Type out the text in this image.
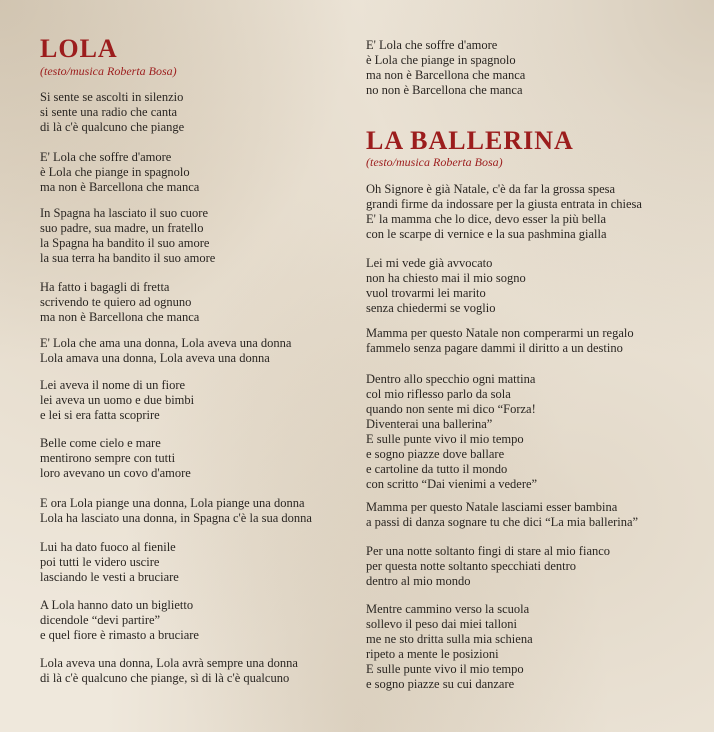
LOLA
(testo/musica Roberta Bosa)
Si sente se ascolti in silenzio
si sente una radio che canta
di là c'è qualcuno che piange
E' Lola che soffre d'amore
è Lola che piange in spagnolo
ma non è Barcellona che manca
In Spagna ha lasciato il suo cuore
suo padre, sua madre, un fratello
la Spagna ha bandito il suo amore
la sua terra ha bandito il suo amore
Ha fatto i bagagli di fretta
scrivendo te quiero ad ognuno
ma non è Barcellona che manca
E' Lola che ama una donna, Lola aveva una donna
Lola amava una donna, Lola aveva una donna
Lei aveva il nome di un fiore
lei aveva un uomo e due bimbi
e lei si era fatta scoprire
Belle come cielo e mare
mentirono sempre con tutti
loro avevano un covo d'amore
E ora Lola piange una donna, Lola piange una donna
Lola ha lasciato una donna, in Spagna c'è la sua donna
Lui ha dato fuoco al fienile
poi tutti le videro uscire
lasciando le vesti a bruciare
A Lola hanno dato un biglietto
dicendole “devi partire”
e quel fiore è rimasto a bruciare
Lola aveva una donna, Lola avrà sempre una donna
di là c'è qualcuno che piange, sì di là c'è qualcuno
E' Lola che soffre d'amore
è Lola che piange in spagnolo
ma non è Barcellona che manca
no non è Barcellona che manca
LA BALLERINA
(testo/musica Roberta Bosa)
Oh Signore è già Natale, c'è da far la grossa spesa
grandi firme da indossare per la giusta entrata in chiesa
E' la mamma che lo dice, devo esser la più bella
con le scarpe di vernice e la sua pashmina gialla
Lei mi vede già avvocato
non ha chiesto mai il mio sogno
vuol trovarmi lei marito
senza chiedermi se voglio
Mamma per questo Natale non comperarmi un regalo
fammelo senza pagare dammi il diritto a un destino
Dentro allo specchio ogni mattina
col mio riflesso parlo da sola
quando non sente mi dico “Forza!
Diventerai una ballerina”
E sulle punte vivo il mio tempo
e sogno piazze dove ballare
e cartoline da tutto il mondo
con scritto “Dai vienimi a vedere”
Mamma per questo Natale lasciami esser bambina
a passi di danza sognare tu che dici “La mia ballerina”
Per una notte soltanto fingi di stare al mio fianco
per questa notte soltanto specchiati dentro
dentro al mio mondo
Mentre cammino verso la scuola
sollevo il peso dai miei talloni
me ne sto dritta sulla mia schiena
ripeto a mente le posizioni
E sulle punte vivo il mio tempo
e sogno piazze su cui danzare
